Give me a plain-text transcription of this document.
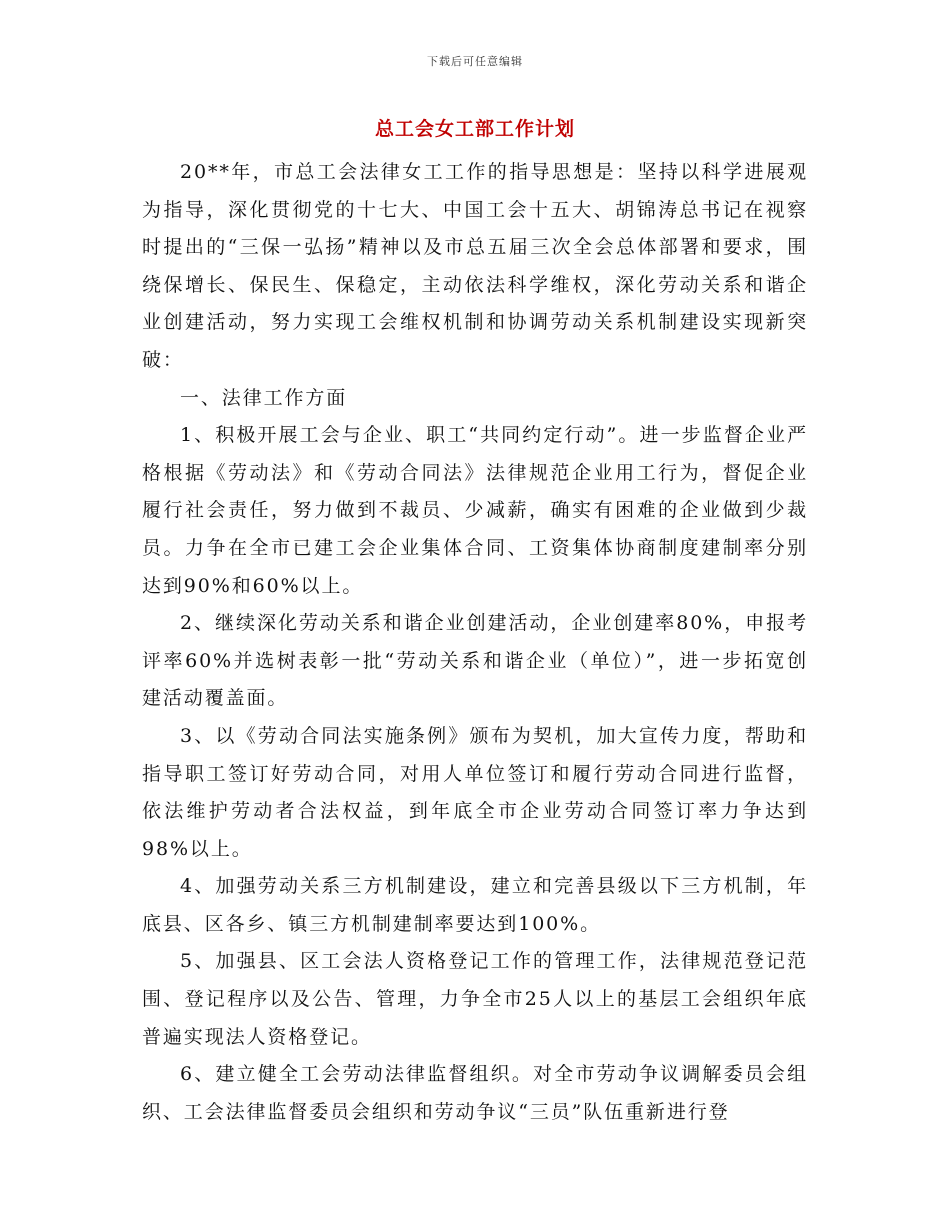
下载后可任意编辑
总工会女工部工作计划

20**年，市总工会法律女工工作的指导思想是：坚持以科学进展观为指导，深化贯彻党的十七大、中国工会十五大、胡锦涛总书记在视察时提出的“三保一弘扬”精神以及市总五届三次全会总体部署和要求，围绕保增长、保民生、保稳定，主动依法科学维权，深化劳动关系和谐企业创建活动，努力实现工会维权机制和协调劳动关系机制建设实现新突破：

一、法律工作方面

1、积极开展工会与企业、职工“共同约定行动”。进一步监督企业严格根据《劳动法》和《劳动合同法》法律规范企业用工行为，督促企业履行社会责任，努力做到不裁员、少减薪，确实有困难的企业做到少裁员。力争在全市已建工会企业集体合同、工资集体协商制度建制率分别达到90%和60%以上。

2、继续深化劳动关系和谐企业创建活动，企业创建率80%，申报考评率60%并选树表彰一批“劳动关系和谐企业（单位）”，进一步拓宽创建活动覆盖面。

3、以《劳动合同法实施条例》颁布为契机，加大宣传力度，帮助和指导职工签订好劳动合同，对用人单位签订和履行劳动合同进行监督，依法维护劳动者合法权益，到年底全市企业劳动合同签订率力争达到98%以上。

4、加强劳动关系三方机制建设，建立和完善县级以下三方机制，年底县、区各乡、镇三方机制建制率要达到100%。

5、加强县、区工会法人资格登记工作的管理工作，法律规范登记范围、登记程序以及公告、管理，力争全市25人以上的基层工会组织年底普遍实现法人资格登记。

6、建立健全工会劳动法律监督组织。对全市劳动争议调解委员会组织、工会法律监督委员会组织和劳动争议“三员”队伍重新进行登
